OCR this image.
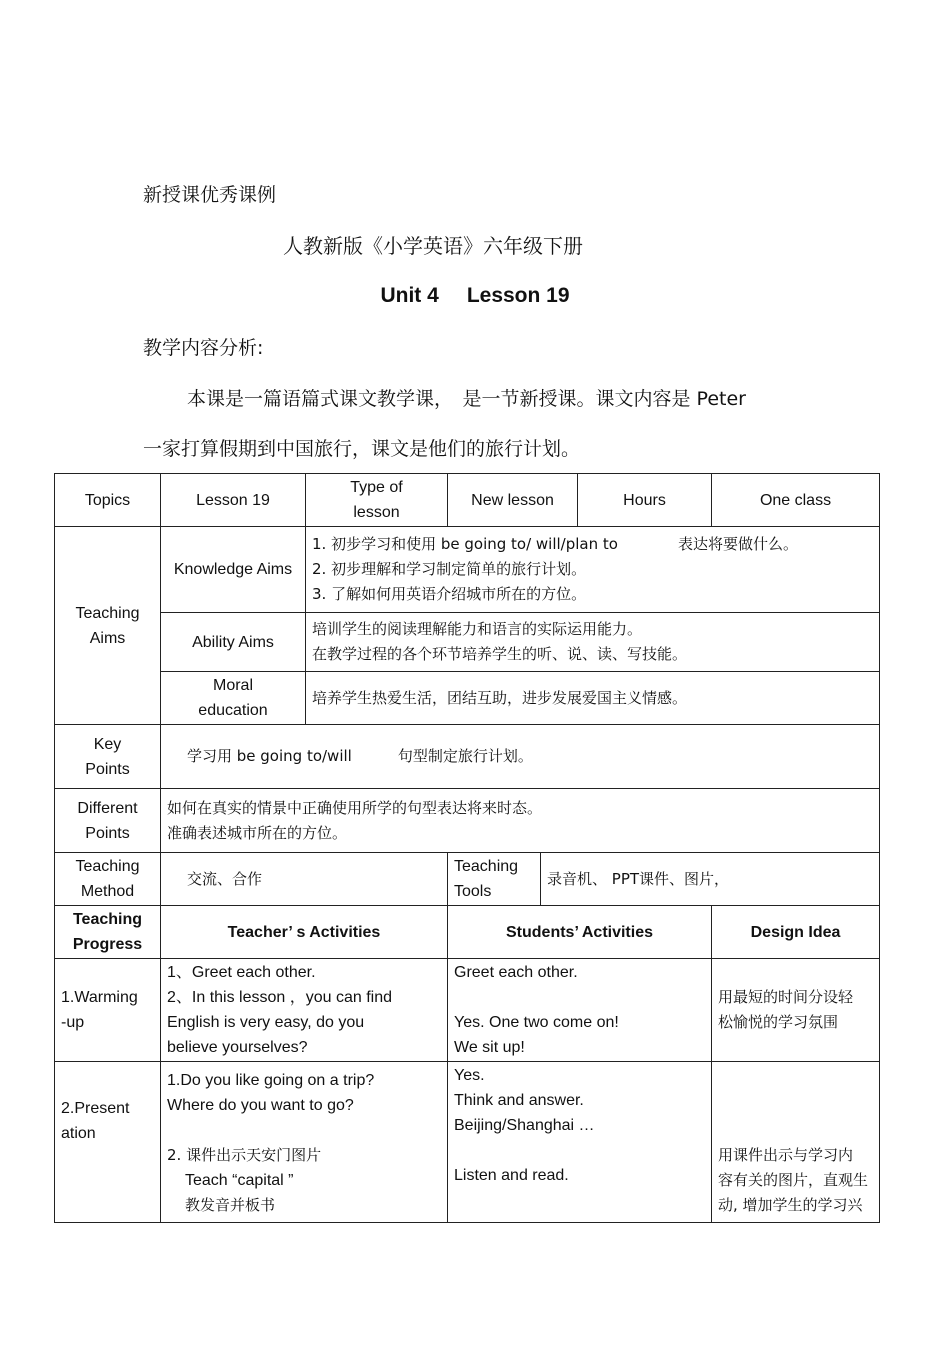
新授课优秀课例
人教新版《小学英语》六年级下册
Unit 4 Lesson 19
教学内容分析:
本课是一篇语篇式课文教学课，　是一节新授课。课文内容是 Peter
一家打算假期到中国旅行，课文是他们的旅行计划。
Topics	Lesson 19	Type of
lesson	New lesson		Hours	One class

Teaching
Aims	Knowledge Aims	1. 初步学习和使用 be going to/ will/plan to 表达将要做什么。
2. 初步理解和学习制定简单的旅行计划。
3. 了解如何用英语介绍城市所在的方位。				

	Ability Aims	培训学生的阅读理解能力和语言的实际运用能力。
在教学过程的各个环节培养学生的听、说、读、写技能。				

	Moral
education	培养学生热爱生活，团结互助，进步发展爱国主义情感。				

Key
Points	学习用 be going to/will 句型制定旅行计划。					

Different
Points	如何在真实的情景中正确使用所学的句型表达将来时态。
准确表述城市所在的方位。					

Teaching
Method	交流、合作		Teaching
Tools	录音机、 PPT课件、图片，		

Teaching
Progress	Teacher’ s Activities		Students’ Activities			Design Idea

1.Warming
-up	1、Greet each other.
2、In this lesson ，you can find
English is very easy, do you
believe yourselves?		Greet each other.
Yes. One two come on!
We sit up!			用最短的时间分设轻
松愉悦的学习氛围

2.Present
ation	1.Do you like going on a trip?
Where do you want to go?
2. 课件出示天安门图片
Teach “capital ”
教发音并板书		Yes.
Think and answer.
Beijing/Shanghai …
Listen and read.			用课件出示与学习内
容有关的图片，直观生
动, 增加学生的学习兴
